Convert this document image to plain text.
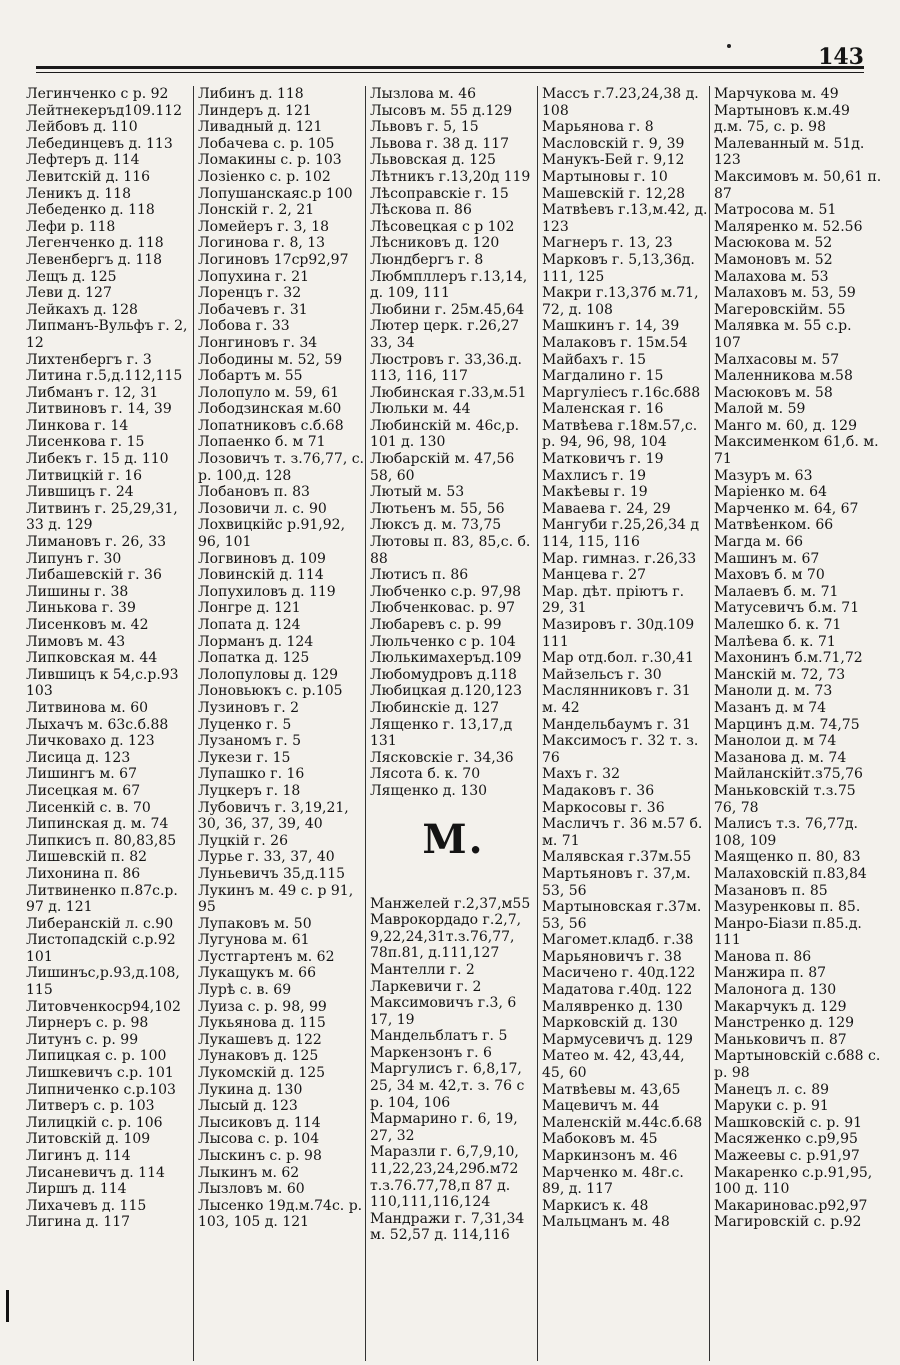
143
Легинченко с р. 92
Лейтнекеръд109.112
Лейбовъ д. 110
Лебединцевъ д. 113
Лефтеръ д. 114
Левитскій д. 116
Леникъ д. 118
Лебеденко д. 118
Лефи р. 118
Легенченко д. 118
Левенбергъ д. 118
Лещъ д. 125
Леви д. 127
Лейкахъ д. 128
Липманъ-Вульфъ г. 2, 12
Лихтенбергъ г. 3
Литина г.5,д.112,115
Либманъ г. 12, 31
Литвиновъ г. 14, 39
Линкова г. 14
Лисенкова г. 15
Либекъ г. 15 д. 110
Литвицкій г. 16
Лившицъ г. 24
Литвинъ г. 25,29,31, 33 д. 129
Лимановъ г. 26, 33
Липунъ г. 30
Либашевскій г. 36
Лишины г. 38
Линькова г. 39
Лисенковъ м. 42
Лимовъ м. 43
Липковская м. 44
Лившицъ к 54,с.р.93 103
Литвинова м. 60
Лыхачъ м. 63с.б.88
Личковахо д. 123
Лисица д. 123
Лишингъ м. 67
Лисецкая м. 67
Лисенкій с. в. 70
Липинская д. м. 74
Липкисъ п. 80,83,85
Лишевскій п. 82
Лихонина п. 86
Литвиненко п.87с.р. 97 д. 121
Либеранскій л. с.90
Листопадскій с.р.92 101
Лишинъс,р.93,д.108, 115
Литовченкоср94,102
Лирнеръ с. р. 98
Литунъ с. р. 99
Липицкая с. р. 100
Лишкевичъ с.р. 101
Липниченко с.р.103
Литверъ с. р. 103
Лилицкій с. р. 106
Литовскій д. 109
Лигинъ д. 114
Лисаневичъ д. 114
Лиршъ д. 114
Лихачевъ д. 115
Лигина д. 117
Либинъ д. 118
Линдеръ д. 121
Ливадный д. 121
Лобачева с. р. 105
Ломакины с. р. 103
Лозіенко с. р. 102
Лопушанскаяс.р 100
Лонскій г. 2, 21
Ломейеръ г. 3, 18
Логинова г. 8, 13
Логиновъ 17ср92,97
Лопухина г. 21
Лоренцъ г. 32
Лобачевъ г. 31
Лобова г. 33
Лонгиновъ г. 34
Лободины м. 52, 59
Лобартъ м. 55
Лолопуло м. 59, 61
Лободзинская м.60
Лопатниковъ с.б.68
Лопаенко б. м 71
Лозовичъ т. з.76,77, с. р. 100,д. 128
Лобановъ п. 83
Лозовичи л. с. 90
Лохвицкійс р.91,92, 96, 101
Логвиновъ д. 109
Ловинскій д. 114
Лопухиловъ д. 119
Лонгре д. 121
Лопата д. 124
Лорманъ д. 124
Лопатка д. 125
Лолопуловы д. 129
Лоновьюкъ с. р.105
Лузиновъ г. 2
Луценко г. 5
Лузаномъ г. 5
Лукези г. 15
Лупашко г. 16
Луцкеръ г. 18
Лубовичъ г. 3,19,21, 30, 36, 37, 39, 40
Луцкій г. 26
Лурье г. 33, 37, 40
Луньевичъ 35,д.115
Лукинъ м. 49 с. р 91, 95
Лупаковъ м. 50
Лугунова м. 61
Лустгартенъ м. 62
Лукащукъ м. 66
Лурѣ с. в. 69
Луиза с. р. 98, 99
Лукьянова д. 115
Лукашевъ д. 122
Лунаковъ д. 125
Лукомскій д. 125
Лукина д. 130
Лысый д. 123
Лысиковъ д. 114
Лысова с. р. 104
Лыскинъ с. р. 98
Лыкинъ м. 62
Лызловъ м. 60
Лысенко 19д.м.74с. р. 103, 105 д. 121
Лызлова м. 46
Лысовъ м. 55 д.129
Львовъ г. 5, 15
Львова г. 38 д. 117
Львовская д. 125
Лѣтникъ г.13,20д 119
Лѣсопрaвскіе г. 15
Лѣскова п. 86
Лѣсовецкая с р 102
Лѣсниковъ д. 120
Люндбергъ г. 8
Любмпллеръ г.13,14, д. 109, 111
Любини г. 25м.45,64
Лютер церк. г.26,27 33, 34
Люстровъ г. 33,36.д. 113, 116, 117
Любинская г.33,м.51
Люльки м. 44
Любинскій м. 46с,р. 101 д. 130
Любарскій м. 47,56 58, 60
Лютый м. 53
Лютьенъ м. 55, 56
Люксъ д. м. 73,75
Лютовы п. 83, 85,с. б. 88
Лютисъ п. 86
Любченко с.р. 97,98
Любченковас. р. 97
Любаревъ с. р. 99
Люльченко с р. 104
Люлькимахеръд.109
Любомудровъ д.118
Любицкая д.120,123
Любинскіе д. 127
Лященко г. 13,17,д 131
Лясковскіе г. 34,36
Лясота б. к. 70
Лященко д. 130
М.
Манжелей г.2,37,м55
Маврокордадо г.2,7, 9,22,24,31т.з.76,77, 78п.81, д.111,127
Мантелли г. 2
Ларкевичи г. 2
Максимовичъ г.3, 6 17, 19
Мандельблатъ г. 5
Маркензонъ г. 6
Маргулисъ г. 6,8,17, 25, 34 м. 42,т. з. 76 с р. 104, 106
Мармарино г. 6, 19, 27, 32
Маразли г. 6,7,9,10, 11,22,23,24,29б.м72 т.з.76.77,78,п 87 д. 110,111,116,124
Мандражи г. 7,31,34 м. 52,57 д. 114,116
Массъ г.7.23,24,38 д. 108
Марьянова г. 8
Масловскій г. 9, 39
Манукъ-Бей г. 9,12
Мартыновы г. 10
Машевскій г. 12,28
Матвѣевъ г.13,м.42, д. 123
Магнеръ г. 13, 23
Марковъ г. 5,13,36д. 111, 125
Макри г.13,37б м.71, 72, д. 108
Машкинъ г. 14, 39
Малаковъ г. 15м.54
Майбахъ г. 15
Магдалино г. 15
Маргуліесъ г.16с.б88
Маленская г. 16
Матвѣева г.18м.57,с. р. 94, 96, 98, 104
Матковичъ г. 19
Махлисъ г. 19
Макѣевы г. 19
Маваева г. 24, 29
Мангуби г.25,26,34 д 114, 115, 116
Мар. гимназ. г.26,33
Манцева г. 27
Мар. дѣт. пріютъ г. 29, 31
Мазировъ г. 30д.109 111
Мар отд.бол. г.30,41
Майзельсъ г. 30
Маслянниковъ г. 31 м. 42
Мандельбаумъ г. 31
Максимосъ г. 32 т. з. 76
Махъ г. 32
Мадаковъ г. 36
Маркосовы г. 36
Масличъ г. 36 м.57 б. м. 71
Малявская г.37м.55
Мартьяновъ г. 37,м. 53, 56
Мартыновская г.37м. 53, 56
Магомет.кладб. г.38
Марьяновичъ г. 38
Масичено г. 40д.122
Мадатова г.40д. 122
Малявренко д. 130
Марковскій д. 130
Мармусевичъ д. 129
Матео м. 42, 43,44, 45, 60
Матвѣевы м. 43,65
Мацевичъ м. 44
Маленскій м.44с.б.68
Мабоковъ м. 45
Маркинзонъ м. 46
Марченко м. 48г.с. 89, д. 117
Маркисъ к. 48
Мальцманъ м. 48
Марчукова м. 49
Мартыновъ к.м.49 д.м. 75, с. р. 98
Малеванный м. 51д. 123
Максимовъ м. 50,61 п. 87
Матросова м. 51
Маляренко м. 52.56
Масюкова м. 52
Мамоновъ м. 52
Малахова м. 53
Малаховъ м. 53, 59
Магеровскійм. 55
Малявка м. 55 с.р. 107
Малхасовы м. 57
Маленникова м.58
Масюковъ м. 58
Малой м. 59
Манго м. 60, д. 129
Максименком 61,б. м. 71
Мазуръ м. 63
Маріенко м. 64
Марченко м. 64, 67
Матвѣенком. 66
Магда м. 66
Машинъ м. 67
Маховъ б. м 70
Малаевъ б. м. 71
Матусевичъ б.м. 71
Малешко б. к. 71
Малѣева б. к. 71
Махонинъ б.м.71,72
Манскій м. 72, 73
Маноли д. м. 73
Мазанъ д. м 74
Марцинъ д.м. 74,75
Манолои д. м 74
Мазанова д. м. 74
Майланскійт.з75,76
Маньковскій т.з.75 76, 78
Малисъ т.з. 76,77д. 108, 109
Маященко п. 80, 83
Малаховскій п.83,84
Мазановъ п. 85
Мазуренковы п. 85.
Манро-Біази п.85.д. 111
Манова п. 86
Манжира п. 87
Малонога д. 130
Макарчукъ д. 129
Манстренко д. 129
Маньковичъ п. 87
Мартыновскій с.б88 с. р. 98
Манецъ л. с. 89
Маруки с. р. 91
Машковскій с. р. 91
Масяженко с.р9,95
Мажеевы с. р.91,97
Макаренко с.р.91,95, 100 д. 110
Макариновас.р92,97
Магировскій с. р.92
